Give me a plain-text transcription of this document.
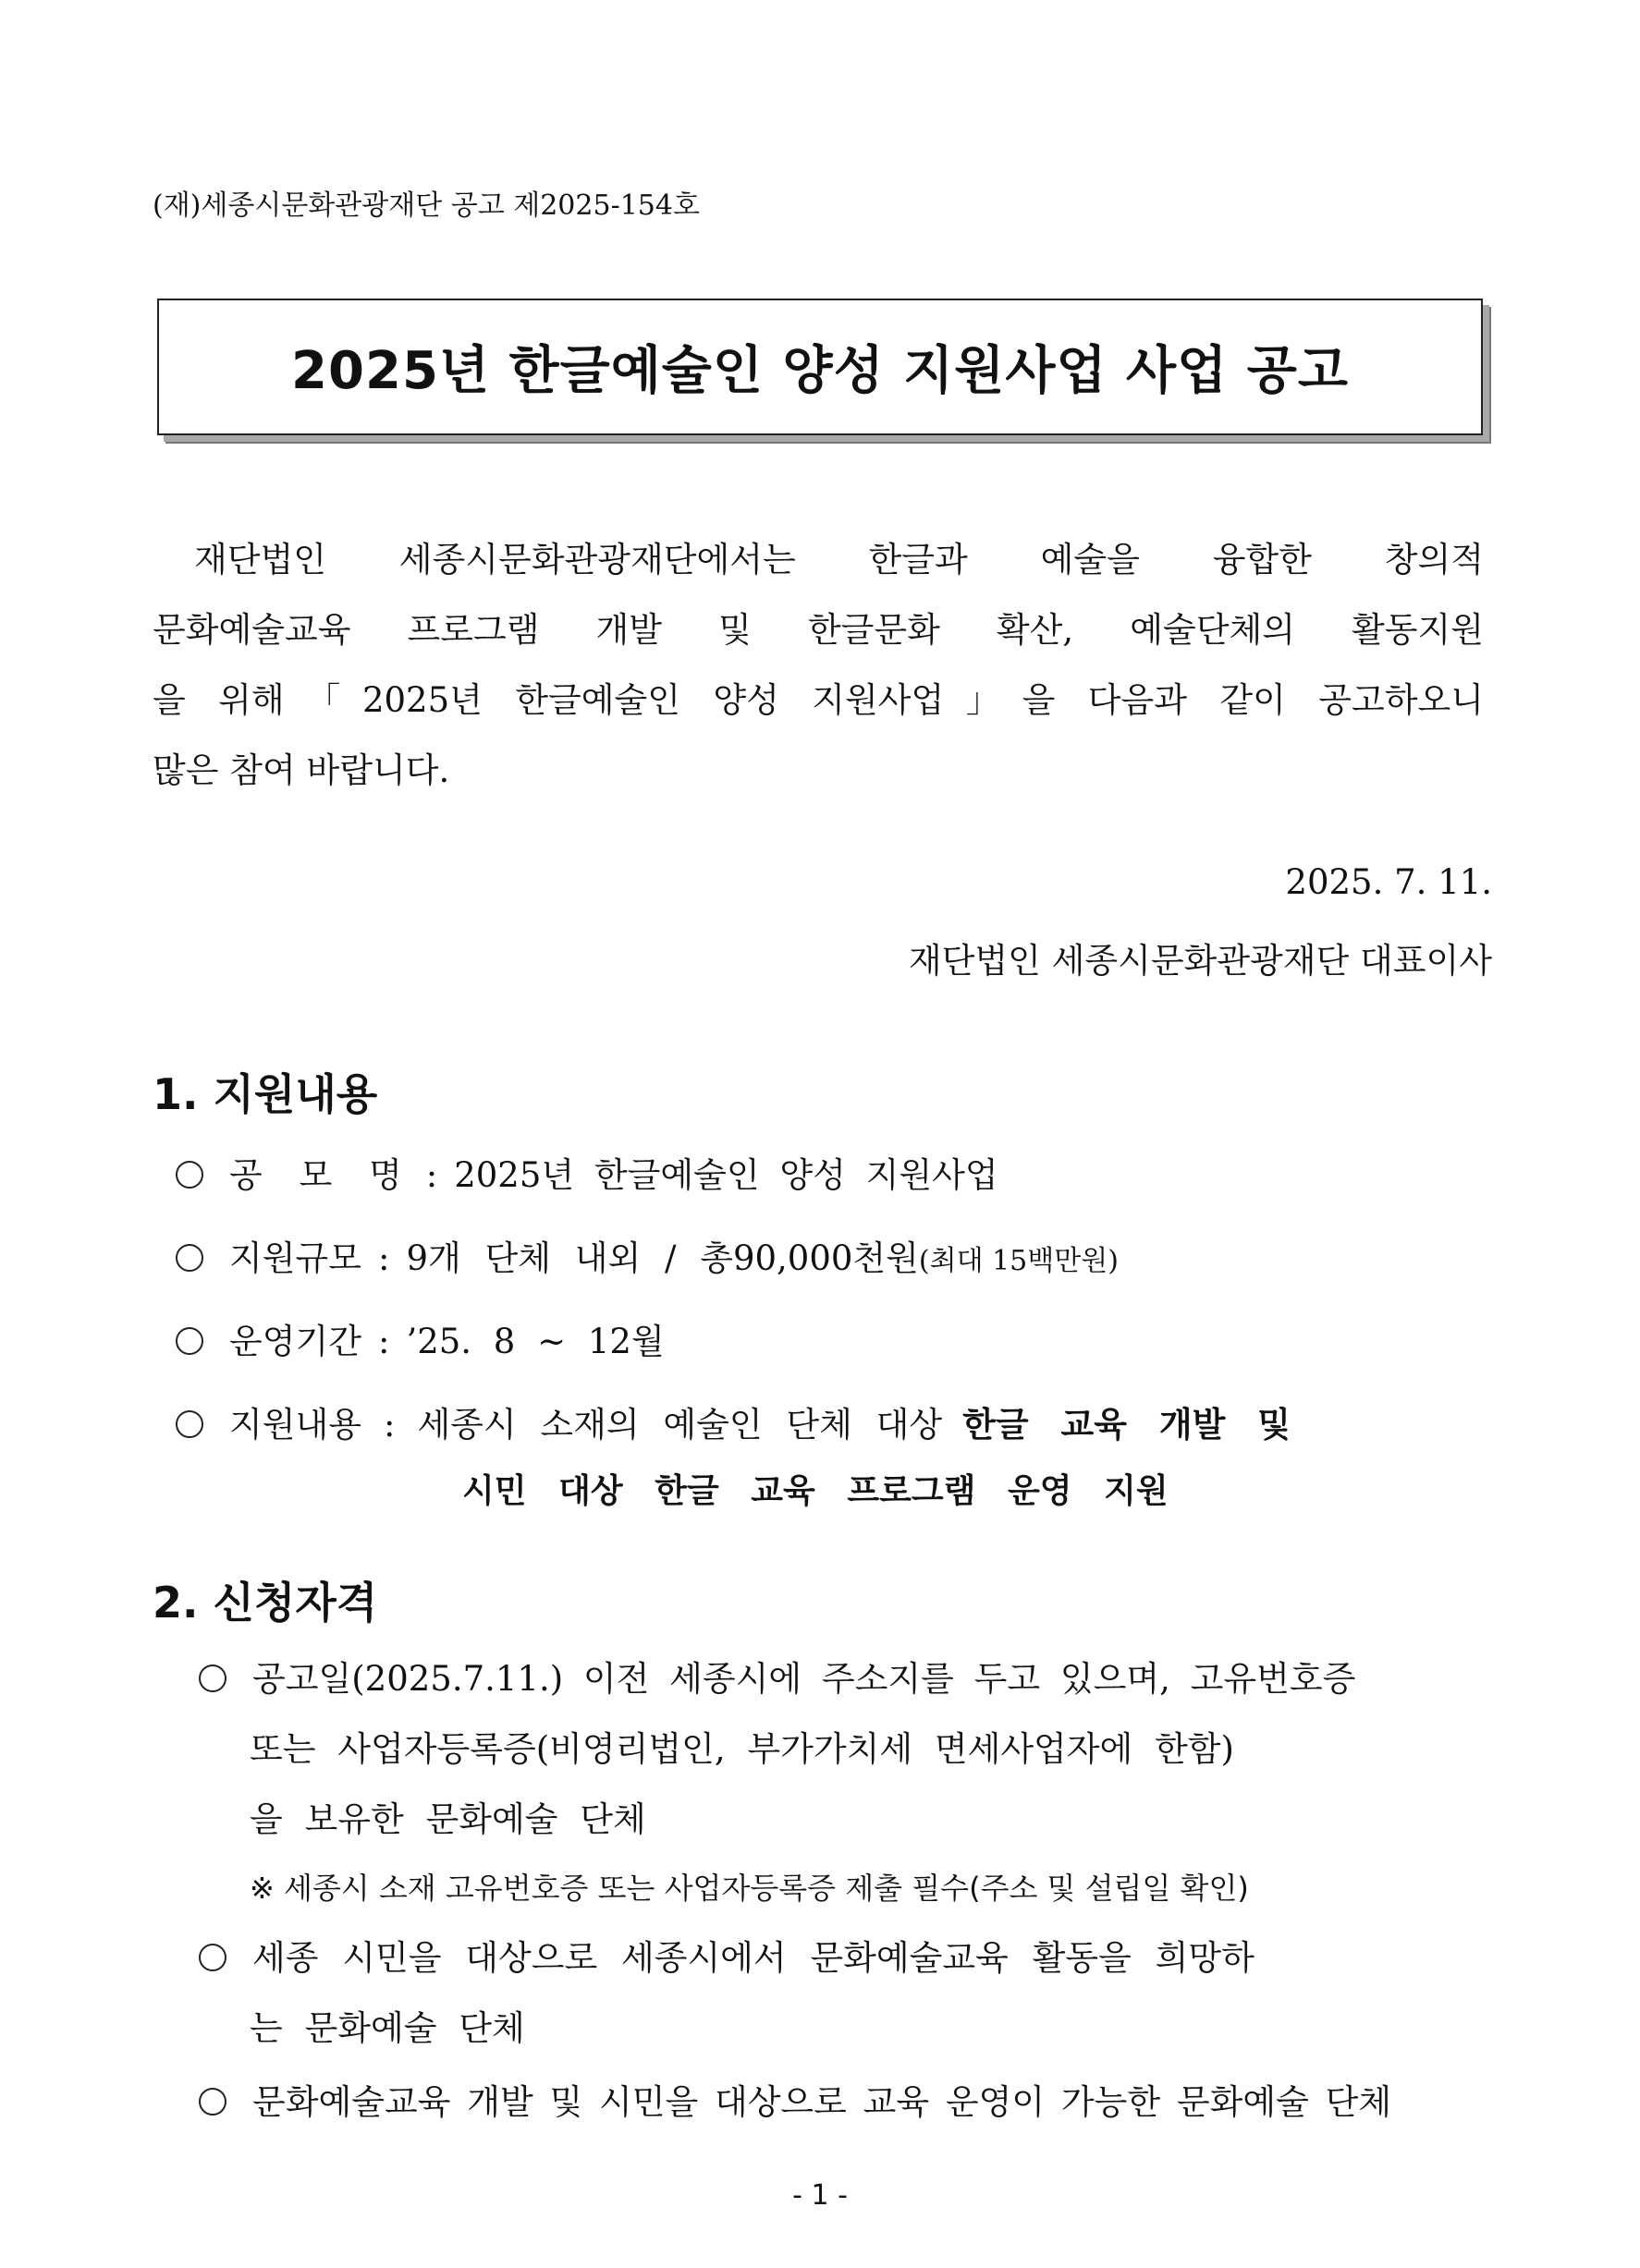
(재)세종시문화관광재단 공고 제2025-154호
2025년 한글예술인 양성 지원사업 사업 공고
재단법인 세종시문화관광재단에서는 한글과 예술을 융합한 창의적
문화예술교육 프로그램 개발 및 한글문화 확산, 예술단체의 활동지원
을 위해「2025년 한글예술인 양성 지원사업」을 다음과 같이 공고하오니
많은 참여 바랍니다.
2025. 7. 11.
재단법인 세종시문화관광재단 대표이사
1. 지원내용
공 모 명 : 2025년 한글예술인 양성 지원사업
지원규모 : 9개 단체 내외 / 총90,000천원 (최대 15백만원)
운영기간 : ’25. 8 ~ 12월
지원내용 : 세종시 소재의 예술인 단체 대상 한글 교육 개발 및
시민 대상 한글 교육 프로그램 운영 지원
2. 신청자격
공고일(2025.7.11.) 이전 세종시에 주소지를 두고 있으며, 고유번호증
또는 사업자등록증(비영리법인, 부가가치세 면세사업자에 한함)
을 보유한 문화예술 단체
※ 세종시 소재 고유번호증 또는 사업자등록증 제출 필수(주소 및 설립일 확인)
세종 시민을 대상으로 세종시에서 문화예술교육 활동을 희망하
는 문화예술 단체
문화예술교육 개발 및 시민을 대상으로 교육 운영이 가능한 문화예술 단체
- 1 -
